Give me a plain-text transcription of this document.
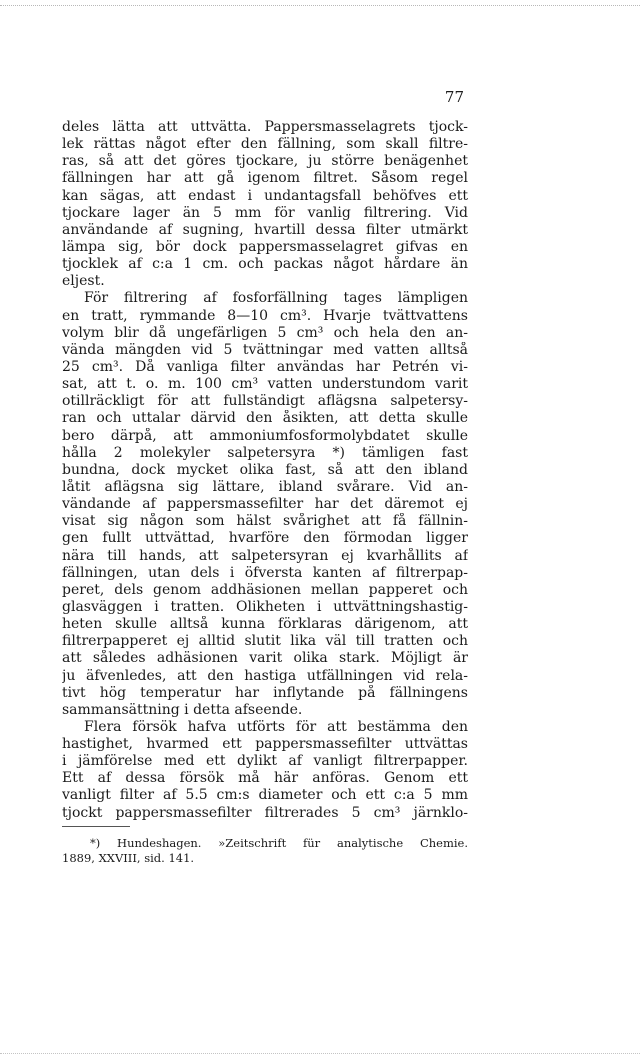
77
deles lätta att uttvätta. Pappersmasselagrets tjock-
lek rättas något efter den fällning, som skall filtre-
ras, så att det göres tjockare, ju större benägenhet
fällningen har att gå igenom filtret. Såsom regel
kan sägas, att endast i undantagsfall behöfves ett
tjockare lager än 5 mm för vanlig filtrering. Vid
användande af sugning, hvartill dessa filter utmärkt
lämpa sig, bör dock pappersmasselagret gifvas en
tjocklek af c:a 1 cm. och packas något hårdare än
eljest.
För filtrering af fosforfällning tages lämpligen
en tratt, rymmande 8—10 cm³. Hvarje tvättvattens
volym blir då ungefärligen 5 cm³ och hela den an-
vända mängden vid 5 tvättningar med vatten alltså
25 cm³. Då vanliga filter användas har Petrén vi-
sat, att t. o. m. 100 cm³ vatten understundom varit
otillräckligt för att fullständigt aflägsna salpetersy-
ran och uttalar därvid den åsikten, att detta skulle
bero därpå, att ammoniumfosformolybdatet skulle
hålla 2 molekyler salpetersyra *) tämligen fast
bundna, dock mycket olika fast, så att den ibland
låtit aflägsna sig lättare, ibland svårare. Vid an-
vändande af pappersmassefilter har det däremot ej
visat sig någon som hälst svårighet att få fällnin-
gen fullt uttvättad, hvarföre den förmodan ligger
nära till hands, att salpetersyran ej kvarhållits af
fällningen, utan dels i öfversta kanten af filtrerpap-
peret, dels genom addhäsionen mellan papperet och
glasväggen i tratten. Olikheten i uttvättningshastig-
heten skulle alltså kunna förklaras därigenom, att
filtrerpapperet ej alltid slutit lika väl till tratten och
att således adhäsionen varit olika stark. Möjligt är
ju äfvenledes, att den hastiga utfällningen vid rela-
tivt hög temperatur har inflytande på fällningens
sammansättning i detta afseende.
Flera försök hafva utförts för att bestämma den
hastighet, hvarmed ett pappersmassefilter uttvättas
i jämförelse med ett dylikt af vanligt filtrerpapper.
Ett af dessa försök må här anföras. Genom ett
vanligt filter af 5.5 cm:s diameter och ett c:a 5 mm
tjockt pappersmassefilter filtrerades 5 cm³ järnklo-
*) Hundeshagen. »Zeitschrift für analytische Chemie.
1889, XXVIII, sid. 141.
